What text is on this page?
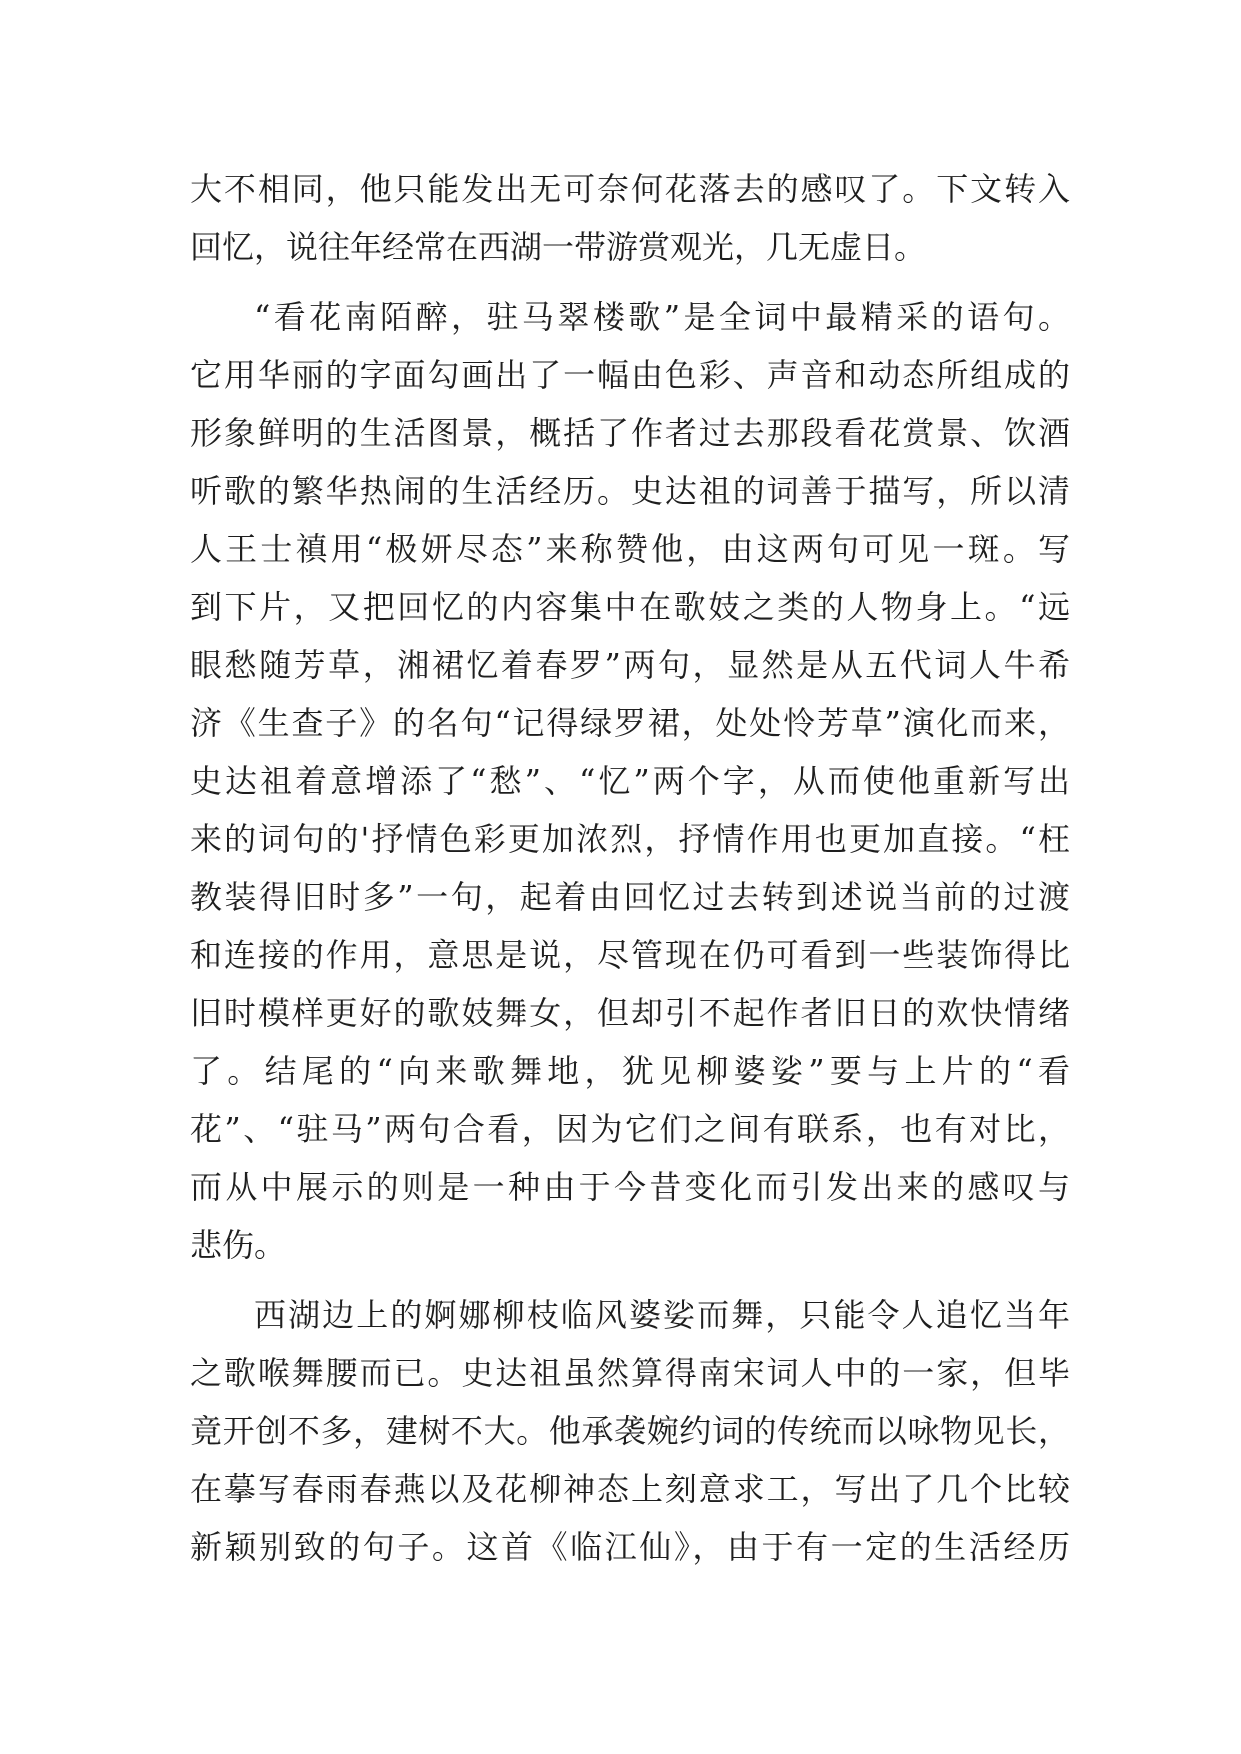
大不相同，他只能发出无可奈何花落去的感叹了。下文转入
回忆，说往年经常在西湖一带游赏观光，几无虚日。
“看花南陌醉，驻马翠楼歌”是全词中最精采的语句。
它用华丽的字面勾画出了一幅由色彩、声音和动态所组成的
形象鲜明的生活图景，概括了作者过去那段看花赏景、饮酒
听歌的繁华热闹的生活经历。史达祖的词善于描写，所以清
人王士禛用“极妍尽态”来称赞他，由这两句可见一斑。写
到下片，又把回忆的内容集中在歌妓之类的人物身上。“远
眼愁随芳草，湘裙忆着春罗”两句，显然是从五代词人牛希
济《生查子》的名句“记得绿罗裙，处处怜芳草”演化而来，
史达祖着意增添了“愁”、“忆”两个字，从而使他重新写出
来的词句的'抒情色彩更加浓烈，抒情作用也更加直接。“枉
教装得旧时多”一句，起着由回忆过去转到述说当前的过渡
和连接的作用，意思是说，尽管现在仍可看到一些装饰得比
旧时模样更好的歌妓舞女，但却引不起作者旧日的欢快情绪
了。结尾的“向来歌舞地，犹见柳婆娑”要与上片的“看
花”、“驻马”两句合看，因为它们之间有联系，也有对比，
而从中展示的则是一种由于今昔变化而引发出来的感叹与
悲伤。
西湖边上的婀娜柳枝临风婆娑而舞，只能令人追忆当年
之歌喉舞腰而已。史达祖虽然算得南宋词人中的一家，但毕
竟开创不多，建树不大。他承袭婉约词的传统而以咏物见长，
在摹写春雨春燕以及花柳神态上刻意求工，写出了几个比较
新颖别致的句子。这首《临江仙》，由于有一定的生活经历
